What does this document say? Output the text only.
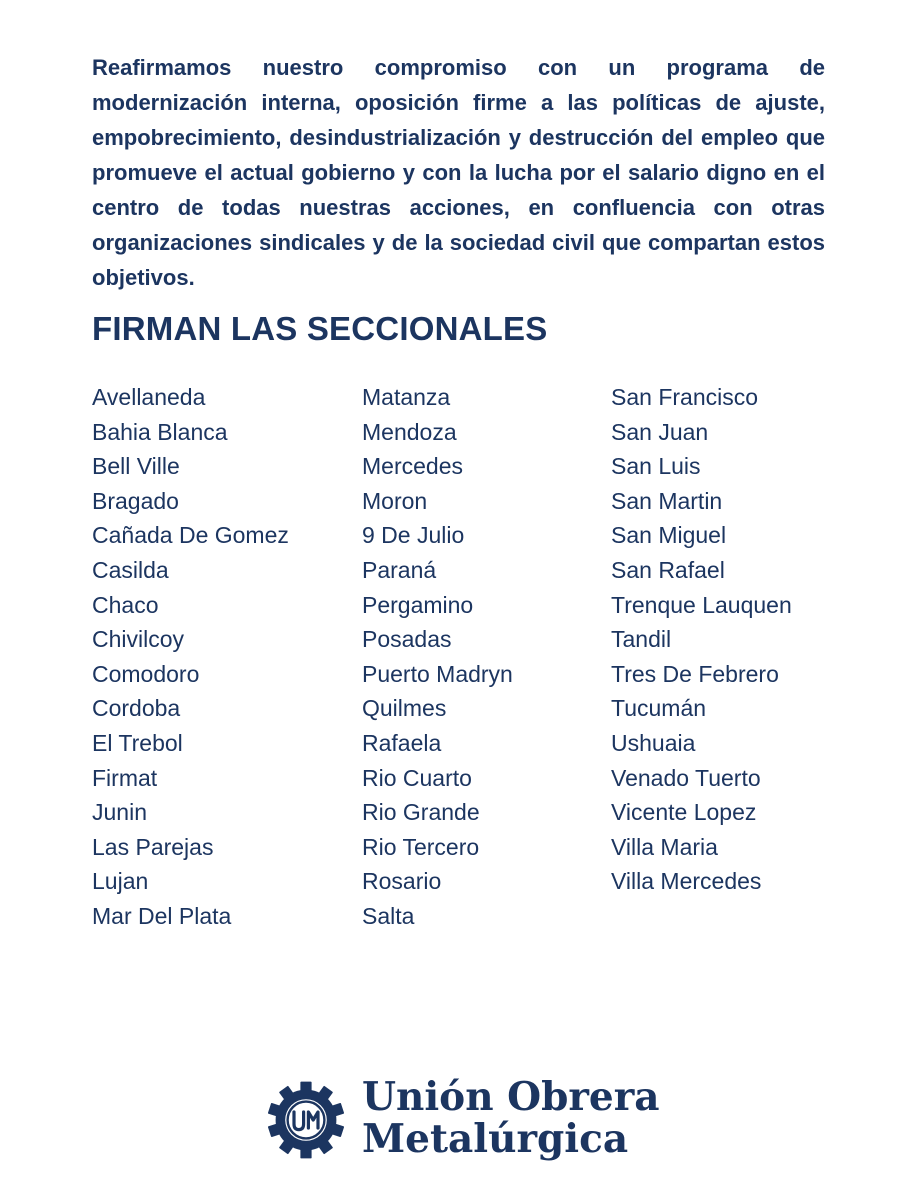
Reafirmamos nuestro compromiso con un programa de modernización interna, oposición firme a las políticas de ajuste, empobrecimiento, desindustrialización y destrucción del empleo que promueve el actual gobierno y con la lucha por el salario digno en el centro de todas nuestras acciones, en confluencia con otras organizaciones sindicales y de la sociedad civil que compartan estos objetivos.

FIRMAN LAS SECCIONALES
Avellaneda
Bahia Blanca
Bell Ville
Bragado
Cañada De Gomez
Casilda
Chaco
Chivilcoy
Comodoro
Cordoba
El Trebol
Firmat
Junin
Las Parejas
Lujan
Mar Del Plata
Matanza
Mendoza
Mercedes
Moron
9 De Julio
Paraná
Pergamino
Posadas
Puerto Madryn
Quilmes
Rafaela
Rio Cuarto
Rio Grande
Rio Tercero
Rosario
Salta
San Francisco
San Juan
San Luis
San Martin
San Miguel
San Rafael
Trenque Lauquen
Tandil
Tres De Febrero
Tucumán
Ushuaia
Venado Tuerto
Vicente Lopez
Villa Maria
Villa Mercedes
Unión Obrera
Metalúrgica
